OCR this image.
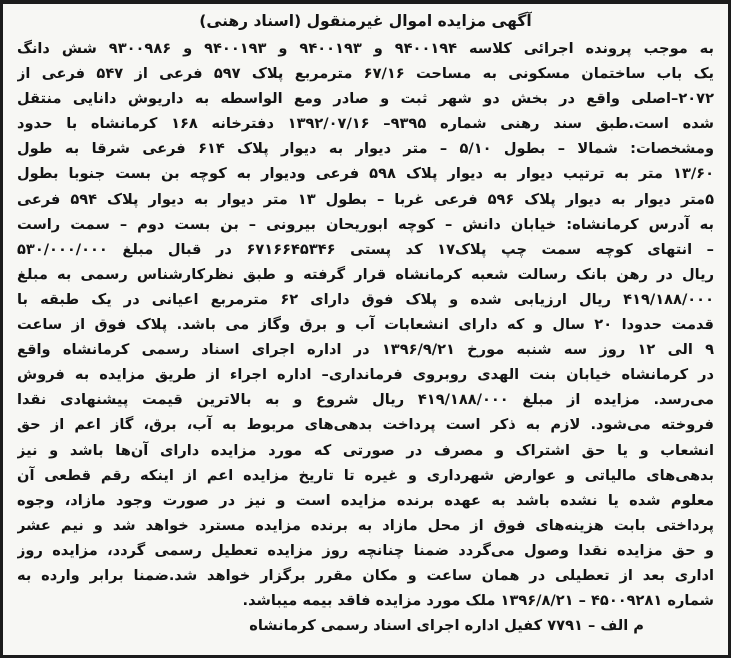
آگهی مزایده اموال غیرمنقول (اسناد رهنی)
به موجب پرونده اجرائی کلاسه ۹۴۰۰۱۹۴ و ۹۴۰۰۱۹۳ و ۹۴۰۰۱۹۳ و ۹۳۰۰۹۸۶ شش دانگ
یک باب ساختمان مسکونی به مساحت ۶۷/۱۶ مترمربع پلاک ۵۹۷ فرعی از ۵۴۷ فرعی از
۲۰۷۲–اصلی واقع در بخش دو شهر ثبت و صادر ومع الواسطه به داریوش دانایی منتقل
شده است.طبق سند رهنی شماره ۹۳۹۵– ۱۳۹۲/۰۷/۱۶ دفترخانه ۱۶۸ کرمانشاه با حدود
ومشخصات: شمالا – بطول ۵/۱۰ – متر دیوار به دیوار پلاک ۶۱۴ فرعی شرقا به طول
۱۳/۶۰ متر به ترتیب دیوار به دیوار پلاک ۵۹۸ فرعی ودیوار به کوچه بن بست جنوبا بطول
۵متر دیوار به دیوار پلاک ۵۹۶ فرعی غربا – بطول ۱۳ متر دیوار به دیوار پلاک ۵۹۴ فرعی
به آدرس کرمانشاه: خیابان دانش – کوچه ابوریحان بیرونی – بن بست دوم – سمت راست
– انتهای کوچه سمت چپ پلاک۱۷ کد پستی ۶۷۱۶۶۴۵۳۴۶ در قبال مبلغ ۵۳۰/۰۰۰/۰۰۰
ریال در رهن بانک رسالت شعبه کرمانشاه قرار گرفته و طبق نظرکارشناس رسمی به مبلغ
۴۱۹/۱۸۸/۰۰۰ ریال ارزیابی شده و پلاک فوق دارای ۶۲ مترمربع اعیانی در یک طبقه با
قدمت حدودا ۲۰ سال و که دارای انشعابات آب و برق وگاز می باشد. پلاک فوق از ساعت
۹ الی ۱۲ روز سه شنبه مورخ ۱۳۹۶/۹/۲۱ در اداره اجرای اسناد رسمی کرمانشاه واقع
در کرمانشاه خیابان بنت الهدی روبروی فرمانداری– اداره اجراء از طریق مزایده به فروش
می‌رسد. مزایده از مبلغ ۴۱۹/۱۸۸/۰۰۰ ریال شروع و به بالاترین قیمت پیشنهادی نقدا
فروخته می‌شود. لازم به ذکر است پرداخت بدهی‌های مربوط به آب، برق، گاز اعم از حق
انشعاب و یا حق اشتراک و مصرف در صورتی که مورد مزایده دارای آن‌ها باشد و نیز
بدهی‌های مالیاتی و عوارض شهرداری و غیره تا تاریخ مزایده اعم از اینکه رقم قطعی آن
معلوم شده یا نشده باشد به عهده برنده مزایده است و نیز در صورت وجود مازاد، وجوه
پرداختی بابت هزینه‌های فوق از محل مازاد به برنده مزایده مسترد خواهد شد و نیم عشر
و حق مزایده نقدا وصول می‌گردد ضمنا چنانچه روز مزایده تعطیل رسمی گردد، مزایده روز
اداری بعد از تعطیلی در همان ساعت و مکان مقرر برگزار خواهد شد.ضمنا برابر وارده به
شماره ۴۵۰۰۹۲۸۱ – ۱۳۹۶/۸/۲۱ ملک مورد مزایده فاقد بیمه میباشد.
م الف – ۷۷۹۱ کفیل اداره اجرای اسناد رسمی کرمانشاه
